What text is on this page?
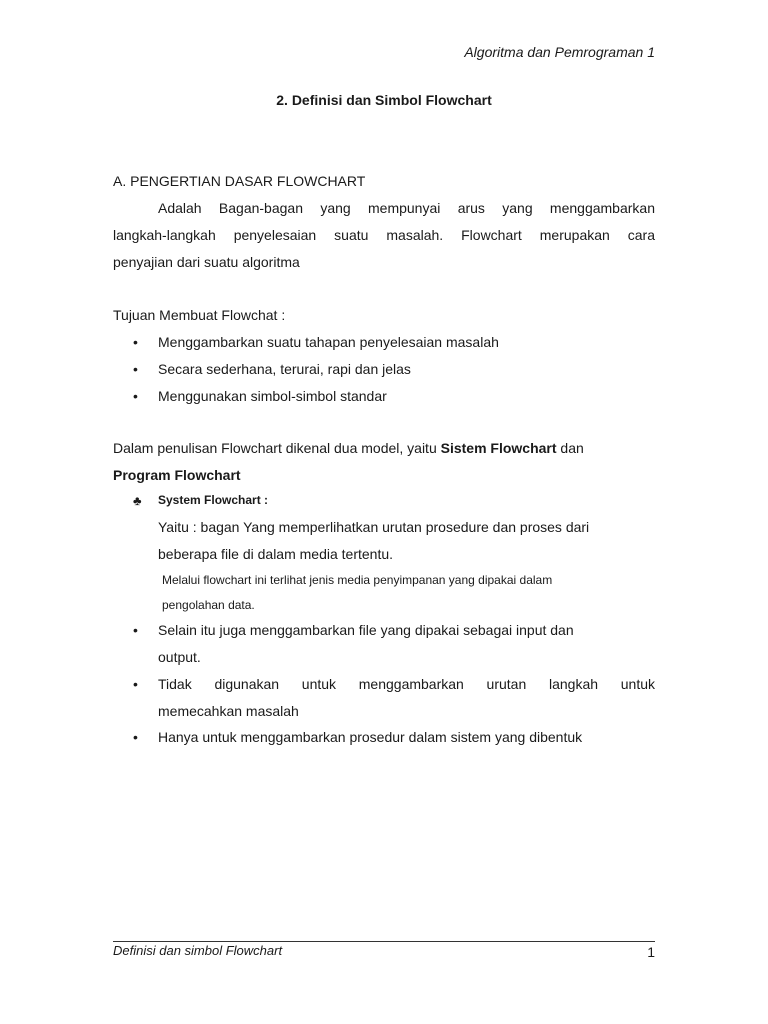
Algoritma dan Pemrograman 1
2. Definisi dan Simbol Flowchart
A. PENGERTIAN DASAR FLOWCHART
Adalah Bagan-bagan yang mempunyai arus yang menggambarkan
langkah-langkah penyelesaian suatu masalah. Flowchart merupakan cara
penyajian dari suatu algoritma
Tujuan Membuat Flowchat :
• Menggambarkan suatu tahapan penyelesaian masalah
• Secara sederhana, terurai, rapi dan jelas
• Menggunakan simbol-simbol standar
Dalam penulisan Flowchart dikenal dua model, yaitu Sistem Flowchart dan
Program Flowchart
♣ System Flowchart :
Yaitu : bagan Yang memperlihatkan urutan prosedure dan proses dari
beberapa file di dalam media tertentu.
Melalui flowchart ini terlihat jenis media penyimpanan yang dipakai dalam
pengolahan data.
• Selain itu juga menggambarkan file yang dipakai sebagai input dan
output.
• Tidak digunakan untuk menggambarkan urutan langkah untuk
memecahkan masalah
• Hanya untuk menggambarkan prosedur dalam sistem yang dibentuk
Definisi dan simbol Flowchart	1
